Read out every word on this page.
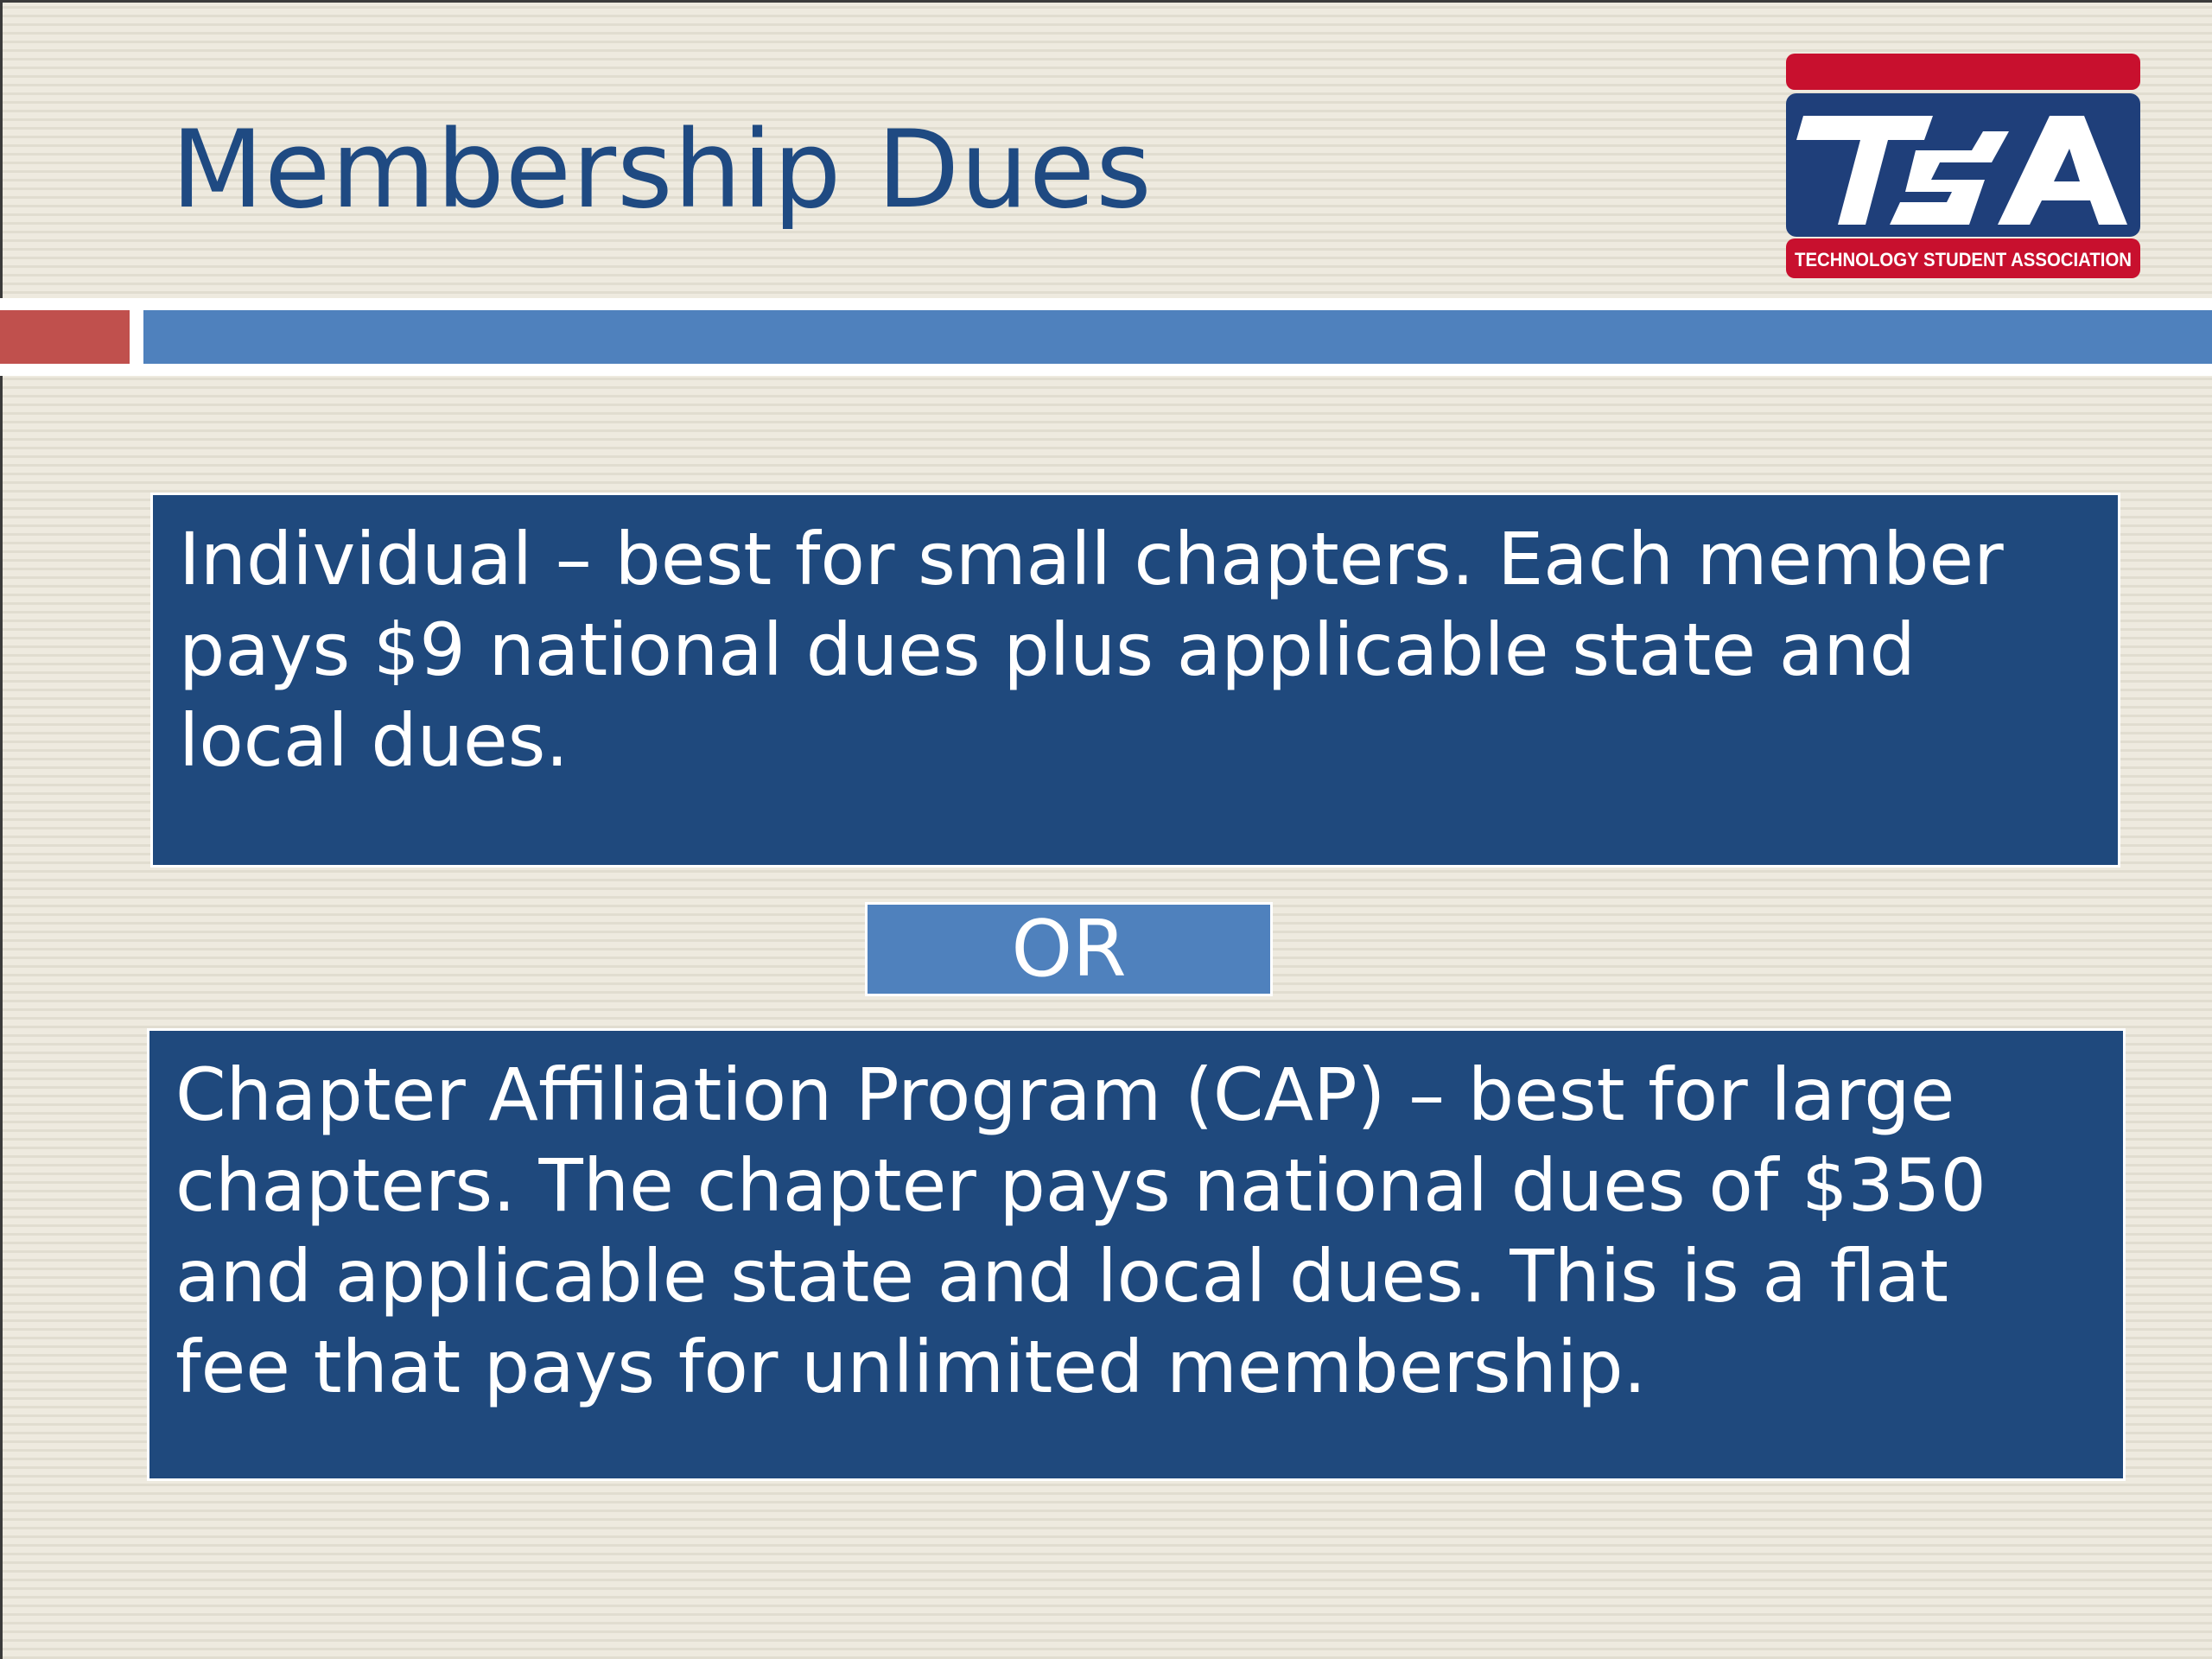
Membership Dues
TECHNOLOGY STUDENT ASSOCIATION
Individual – best for small chapters. Each member pays $9 national dues plus applicable state and local dues.
OR
Chapter Affiliation Program (CAP) – best for large chapters. The chapter pays national dues of $350 and applicable state and local dues. This is a flat fee that pays for unlimited membership.
